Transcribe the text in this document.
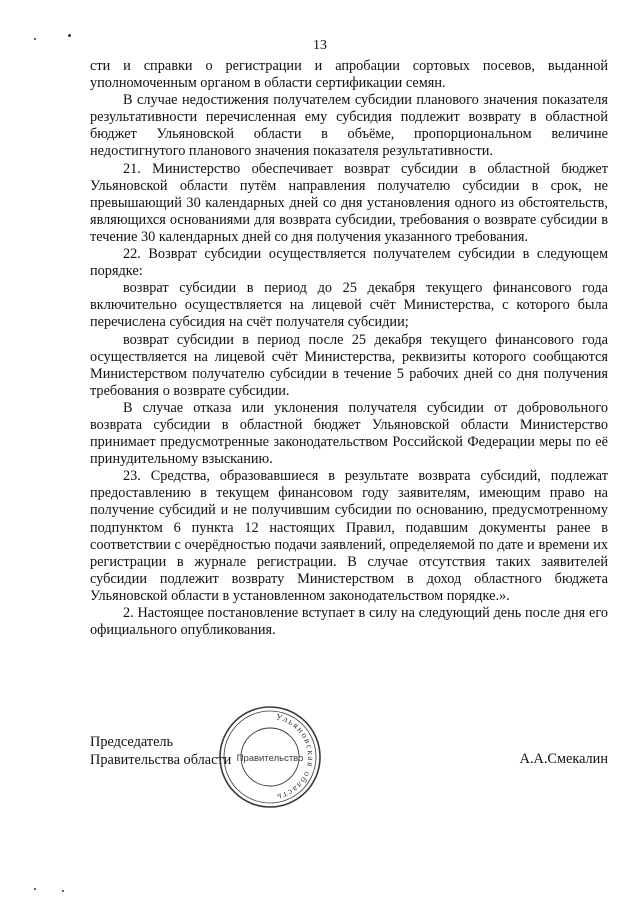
13

сти и справки о регистрации и апробации сортовых посевов, выданной уполномоченным органом в области сертификации семян.

В случае недостижения получателем субсидии планового значения показателя результативности перечисленная ему субсидия подлежит возврату в областной бюджет Ульяновской области в объёме, пропорциональном величине недостигнутого планового значения показателя результативности.

21. Министерство обеспечивает возврат субсидии в областной бюджет Ульяновской области путём направления получателю субсидии в срок, не превышающий 30 календарных дней со дня установления одного из обстоятельств, являющихся основаниями для возврата субсидии, требования о возврате субсидии в течение 30 календарных дней со дня получения указанного требования.

22. Возврат субсидии осуществляется получателем субсидии в следующем порядке:

возврат субсидии в период до 25 декабря текущего финансового года включительно осуществляется на лицевой счёт Министерства, с которого была перечислена субсидия на счёт получателя субсидии;

возврат субсидии в период после 25 декабря текущего финансового года осуществляется на лицевой счёт Министерства, реквизиты которого сообщаются Министерством получателю субсидии в течение 5 рабочих дней со дня получения требования о возврате субсидии.

В случае отказа или уклонения получателя субсидии от добровольного возврата субсидии в областной бюджет Ульяновской области Министерство принимает предусмотренные законодательством Российской Федерации меры по её принудительному взысканию.

23. Средства, образовавшиеся в результате возврата субсидий, подлежат предоставлению в текущем финансовом году заявителям, имеющим право на получение субсидий и не получившим субсидии по основанию, предусмотренному подпунктом 6 пункта 12 настоящих Правил, подавшим документы ранее в соответствии с очерёдностью подачи заявлений, определяемой по дате и времени их регистрации в журнале регистрации. В случае отсутствия таких заявителей субсидии подлежит возврату Министерством в доход областного бюджета Ульяновской области в установленном законодательством порядке.».

2. Настоящее постановление вступает в силу на следующий день после дня его официального опубликования.

Председатель
Правительства области
Ульяновская область
Правительство	А.А.Смекалин
